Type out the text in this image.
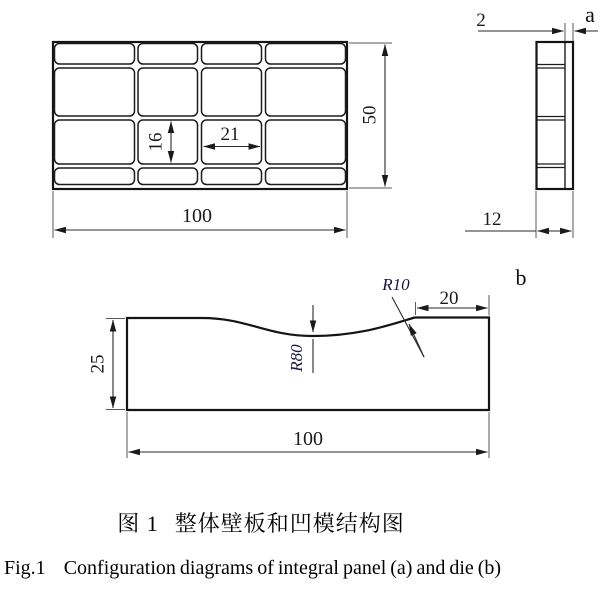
16	21
50
100
2	a
12
25
100
20
R10
R80
b
图 1 整体壁板和凹模结构图
Fig.1 Configuration diagrams of integral panel (a) and die (b)
